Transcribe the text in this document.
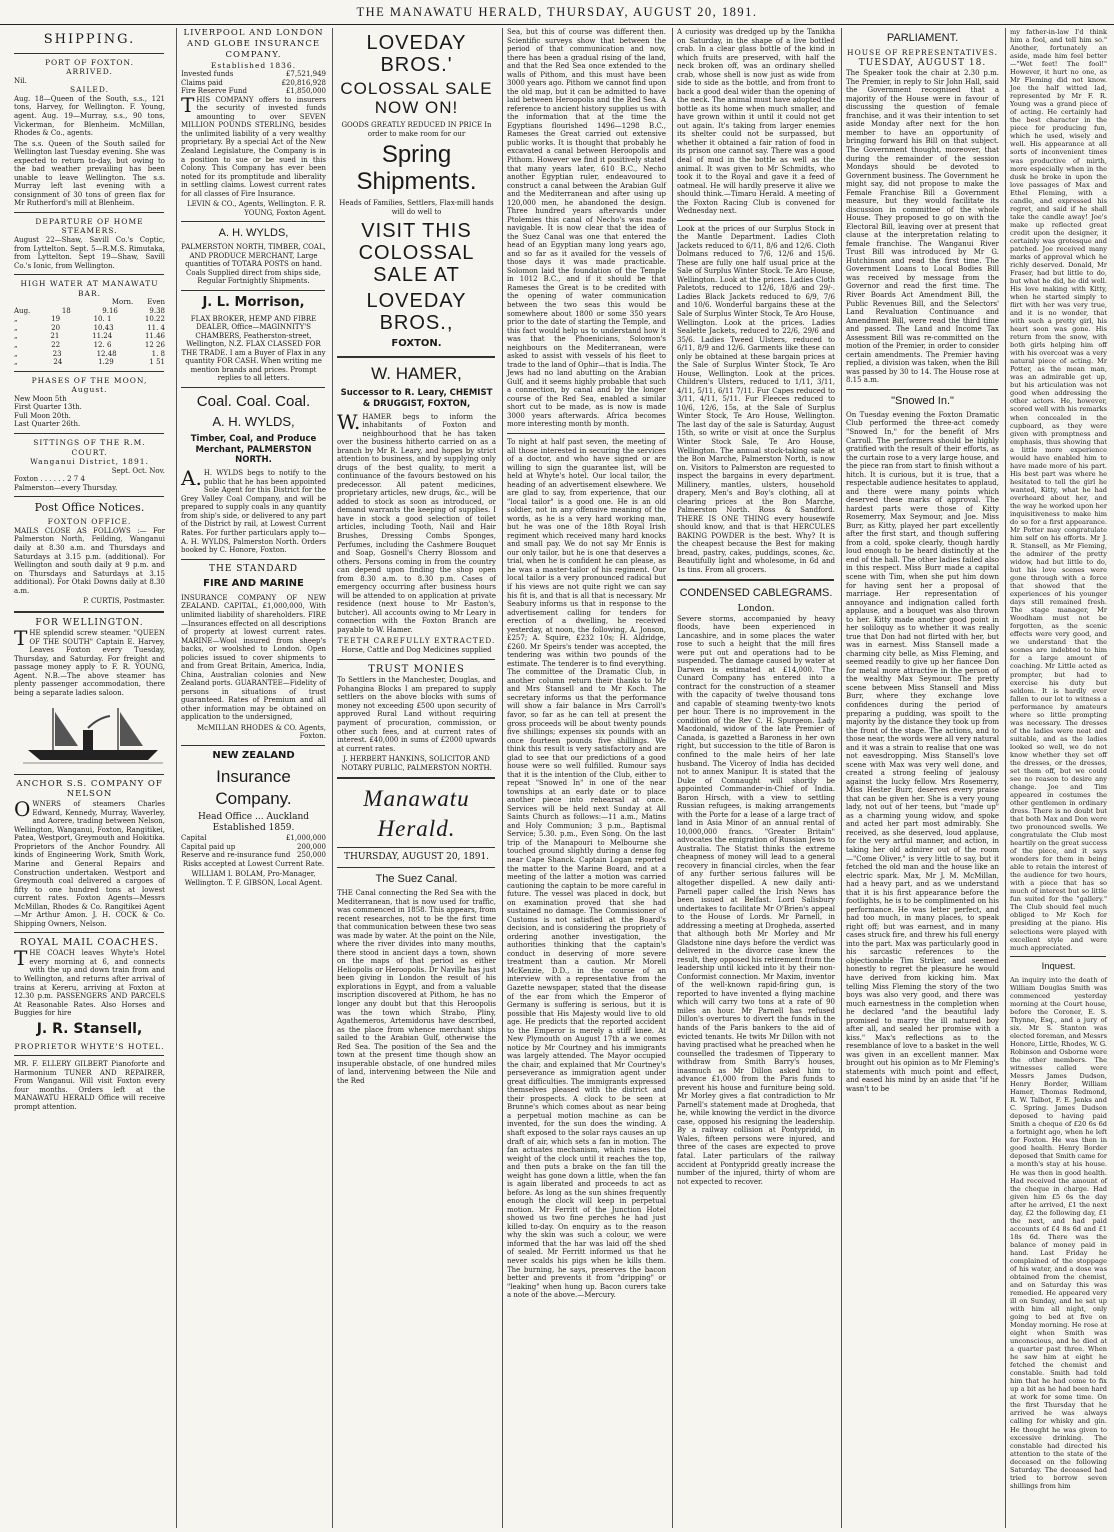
THE MANAWATU HERALD, THURSDAY, AUGUST 20, 1891.
SHIPPING.
PORT OF FOXTON.
ARRIVED.
Nil.
SAILED.

Aug. 18—Queen of the South, s.s., 121 tons, Harvey, for Wellington. F. Young, agent. Aug. 19—Murray, s.s., 90 tons, Vickerman, for Blenheim. McMillan, Rhodes & Co., agents.

The s.s. Queen of the South sailed for Wellington last Tuesday evening. She was expected to return to-day, but owing to the bad weather prevailing has been unable to leave Wellington. The s.s. Murray left last evening with a consignment of 30 tons of green flax for Mr Rutherford's mill at Blenheim.

DEPARTURE OF HOME STEAMERS.

August 22—Shaw, Savill Co.'s Coptic, from Lyttelton. Sept. 5—R.M.S. Rimutaka, from Lyttelton. Sept 19—Shaw, Savill Co.'s Ionic, from Wellington.

HIGH WATER AT MANAWATU BAR.
Morn. Even
Aug.	18	9.16	9.38
„	19	10. 1	10.22
„	20	10.43	11. 4
„	21	11.24	11.46
„	22	12. 6	12 26
„	23	12.48	1. 8
„	24	1.29	1 51
PHASES OF THE MOON,
August.

New Moon 5th
First Quarter 13th.
Full Moon 20th.
Last Quarter 26th.

SITTINGS OF THE R.M. COURT.
Wanganui District, 1891.
Sept. Oct. Nov.
Foxton . . . . . . 2 7 4
Palmerston—every Thursday.
Post Office Notices.
FOXTON OFFICE.

MAILS CLOSE AS FOLLOWS :— For Palmerston North, Feilding, Wanganui daily at 8.30 a.m. and Thursdays and Saturdays at 3.15 p.m. (additional). For Wellington and south daily at 9 p.m. and on Thursdays and Saturdays at 3.15 additional). For Otaki Downs daily at 8.30 a.m.

P. CURTIS, Postmaster.
FOR WELLINGTON.

THE splendid screw steamer. "QUEEN OF THE SOUTH" Captain E. Harvey, Leaves Foxton every Tuesday, Thursday, and Saturday. For freight and passage money apply to F. R. YOUNG, Agent. N.B.—The above steamer has plenty passenger accommodation, there being a separate ladies saloon.

ANCHOR S.S. COMPANY OF NELSON

OWNERS of steamers Charles Edward, Kennedy, Murray, Waverley, and Aorere, trading between Nelson, Wellington, Wanganui, Foxton, Rangitikei, Patea, Westport, Greymouth and Hokitika. Proprietors of the Anchor Foundry. All kinds of Engineering Work, Smith Work, Marine and General Repairs and Construction undertaken. Westport and Greymouth coal delivered a cargoes of fifty to one hundred tons at lowest current rates. Foxton Agents—Messrs McMillan, Rhodes & Co. Rangitikei Agent—Mr Arthur Amon. J. H. COCK & Co. Shipping Owners, Nelson.

ROYAL MAIL COACHES.

THE COACH leaves Whyte's Hotel every morning at 6, and connects with the up and down train from and to Wellington, and returns after arrival of trains at Kereru, arriving at Foxton at 12.30 p.m. PASSENGERS AND PARCELS At Reasonable Rates. Also Horses and Buggies for hire

J. R. Stansell,
PROPRIETOR WHYTE'S HOTEL.

MR. F. ELLERY GILBERT Pianoforte and Harmonium TUNER AND REPAIRER, From Wanganui. Will visit Foxton every four months. Orders left at the MANAWATU HERALD Office will receive prompt attention.

LIVERPOOL AND LONDON AND GLOBE INSURANCE COMPANY.
Established 1836.
Invested funds	£7,521,949
Claims paid	£20,816,928
Fire Reserve Fund	£1,850,000

THIS COMPANY offers to insurers the security of invested funds amounting to over SEVEN MILLION POUNDS STERLING, besides the unlimited liability of a very wealthy proprietary. By a special Act of the New Zealand Legislature, the Company is in a position to sue or be sued in this Colony. This Company has ever been noted for its promptitude and liberality in settling claims. Lowest current rates for all classes of Fire Insurance.

LEVIN & CO., Agents, Wellington. F. R. YOUNG, Foxton Agent.
A. H. WYLDS,

PALMERSTON NORTH, TIMBER, COAL, AND PRODUCE MERCHANT, Large quantities of TOTARA POSTS on hand. Coals Supplied direct from ships side, Regular Fortnightly Shipments.

J. L. Morrison,

FLAX BROKER, HEMP AND FIBRE DEALER, Office—MAGINNITY'S CHAMBERS, Featherston-street, Wellington, N.Z. FLAX CLASSED FOR THE TRADE. I am a Buyer of Flax in any quantity FOR CASH. When writing me mention brands and prices. Prompt replies to all letters.

Coal. Coal. Coal.
A. H. WYLDS,
Timber, Coal, and Produce Merchant, PALMERSTON NORTH.

A.H. WYLDS begs to notify to the public that he has been appointed Sole Agent for this District for the Grey Valley Coal Company, and will be prepared to supply coals in any quantity from ship's side, or delivered to any part of the District by rail, at Lowest Current Rates. For further particulars apply to— A. H. WYLDS, Palmerston North. Orders booked by C. Honore, Foxton.

THE STANDARD
FIRE AND MARINE

INSURANCE COMPANY OF NEW ZEALAND. CAPITAL, £1,000,000, With unlimited liability of shareholders. FIRE—Insurances effected on all descriptions of property at lowest current rates. MARINE—Wool insured from sheep's backs, or woolshed to London. Open policies issued to cover shipments to and from Great Britain, America, India, China, Australian colonies and New Zealand ports. GUARANTEE—Fidelity of persons in situations of trust guaranteed. Rates of Premium and all other information may be obtained on application to the undersigned,

McMILLAN RHODES & CO. Agents, Foxton.
NEW ZEALAND
Insurance Company.
Head Office ... Auckland Established 1859.
Capital	£1,000,000
Capital paid up	200,000
Reserve and re-insurance fund 250,000

Risks accepted at Lowest Current Rate.

WILLIAM I. BOLAM, Pro-Manager, Wellington. T. F. GIBSON, Local Agent.
LOVEDAY BROS.'
COLOSSAL SALE NOW ON!

GOODS GREATLY REDUCED IN PRICE In order to make room for our

Spring Shipments.

Heads of Families, Settlers, Flax-mill hands will do well to

VISIT THIS COLOSSAL SALE AT
LOVEDAY BROS.,
FOXTON.
W. HAMER,
Successor to R. Leary, CHEMIST & DRUGGIST, FOXTON,

W.HAMER begs to inform the inhabitants of Foxton and neighbourhood that he has taken over the business hitherto carried on as a branch by Mr R. Leary, and hopes by strict attention to business, and by supplying only drugs of the best quality, to merit a continuance of the favours bestowed on his predecessor. All patent medicines, proprietary articles, new drugs, &c., will be added to stock as soon as introduced, or demand warrants the keeping of supplies. I have in stock a good selection of toilet articles, including Tooth, Nail and Hair Brushes, Dressing Combs Sponges, Perfumes, including the Cashmere Bouquet and Soap, Gosnell's Cherry Blossom and others. Persons coming in from the country can depend upon finding the shop open from 8.30 a.m. to 8.30 p.m. Cases of emergency occurring after business hours will be attended to on application at private residence (next house to Mr Easton's, butcher). All accounts owing to Mr Leary in connection with the Foxton Branch are payable to W. Hamer.

TEETH CAREFULLY EXTRACTED.
Horse, Cattle and Dog Medicines supplied
TRUST MONIES

To Settlers in the Manchester, Douglas, and Pohangina Blocks I am prepared to supply settlers on the above blocks with sums of money not exceeding £500 upon security of approved Rural Land without requiring payment of procuration, commission, or other such fees, and at current rates of interest. £40,000 in sums of £2000 upwards at current rates.

J. HERBERT HANKINS, SOLICITOR AND NOTARY PUBLIC, PALMERSTON NORTH.
Manawatu Herald.
THURSDAY, AUGUST 20, 1891.
The Suez Canal.

THE Canal connecting the Red Sea with the Mediterranean, that is now used for traffic, was commenced in 1858. This appears, from recent researches, not to be the first time that communication between these two seas was made by water. At the point on the Nile, where the river divides into many mouths, there stood in ancient days a town, shown on the maps of that period as either Heliopolis or Heroopolis. Dr Naville has just been giving in London the result of his explorations in Egypt, and from a valuable inscription discovered at Pithom, he has no longer any doubt but that this Heroopolis was the town which Strabo, Pliny, Agathemeros, Artemidorus have described, as the place from whence merchant ships sailed to the Arabian Gulf, otherwise the Red Sea. The position of the Sea and the town at the present time though show an insuperable obstacle, of one hundred miles of land, intervening between the Nile and the Red

Sea, but this of course was different then. Scientific surveys show that between the period of that communication and now, there has been a gradual rising of the land, and that the Red Sea once extended to the walls of Pithom, and this must have been 3000 years ago. Pithom we cannot find upon the old map, but it can be admitted to have laid between Heroopolis and the Red Sea. A reference to ancient history supplies us with the information that at the time the Egyptians flourished 1496—1298 B.C., Rameses the Great carried out extensive public works. It is thought that probably he excavated a canal between Heroopolis and Pithom. However we find it positively stated that many years later, 610 B.C., Necho another Egyptian ruler, endeavoured to construct a canal between the Arabian Gulf and the Mediterranean and after using up 120,000 men, he abandoned the design. Three hundred years afterwards under Ptolemies this canal of Necho's was made navigable. It is now clear that the idea of the Suez Canal was one that entered the head of an Egyptian many long years ago, and so far as it availed for the vessels of those days it was made practicable. Solomon laid the foundation of the Temple in 1012 B.C., and if it should be that Rameses the Great is to be credited with the opening of water communication between the two seas this would be somewhere about 1800 or some 350 years prior to the date of starting the Temple, and this fact would help us to understand how it was that the Phoenicians, Solomon's neighbours on the Mediterranean, were asked to assist with vessels of his fleet to trade to the land of Ophir—that is India. The Jews had no land abutting on the Arabian Gulf, and it seems highly probable that such a connection, by canal and by the longer course of the Red Sea, enabled a similar short cut to be made, as is now is made 3000 years afterwards. Africa becomes more interesting month by month.

To night at half past seven, the meeting of all those interested in securing the services of a doctor, and who have signed or are willing to sign the guarantee list, will be held at Whyte's hotel. Our local tailor, the heading of an advertisement elsewhere. We are glad to say, from experience, that our "local tailor" is a good one. He is an old soldier, not in any offensive meaning of the words, as he is a very hard working man, but he was one of the 18th Royal Irish regiment which received many hard knocks and small pay. We do not say Mr Ennis is our only tailor, but he is one that deserves a trial, when he is confident he can please, as he was a master-tailor of his regiment. Our local tailor is a very pronounced radical but if his views are not quite right we can say his fit is, and that is all that is necessary. Mr Seabury informs us that in response to the advertisement calling for tenders for erection of a dwelling, he received yesterday, at noon, the following, A. Jonson, £257; A. Squire, £232 10s; H. Aldridge, £260. Mr Speirs's tender was accepted, the tendering was within two pounds of the estimate. The tenderer is to find everything. The committee of the Dramatic Club, in another column return their thanks to Mr and Mrs Stansell and to Mr Koch. The secretary informs us that the performance will show a fair balance in Mrs Carroll's favor, so far as he can tell at present the gross proceeds will be about twenty pounds five shillings; expenses six pounds with an once fourteen pounds five shillings. We think this result is very satisfactory and are glad to see that our predictions of a good house were so well fulfilled. Rumour says that it is the intention of the Club, either to repeat "Snowed In" in one of the near townships at an early date or to place another piece into rehearsal at once. Services will be held next Sunday at All Saints Church as follows:—11 a.m., Matins and Holy Communion; 3 p.m., Baptismal Service; 5.30. p.m., Even Song. On the last trip of the Manapouri to Melbourne she touched ground slightly during a dense fog near Cape Shanck. Captain Logan reported the matter to the Marine Board, and at a meeting of the latter a motion was carried cautioning the captain to be more careful in future. The vessel was placed in dock, but on examination proved that she had sustained no damage. The Commissioner of Customs is not satisfied at the Board's decision, and is considering the propriety of ordering another investigation, the authorities thinking that the captain's conduct in deserving of more severe treatment than a caution. Mr Morell McKenzie, D.D., in the course of an interview with a representative from the Gazette newspaper, stated that the disease of the ear from which the Emperor of Germany is suffering is serious, but it is possible that His Majesty would live to old age. He predicts that the reported accident to the Emperor is merely a stiff knee. At New Plymouth on August 17th a we comes notice by Mr Courtney and his immigrants was largely attended. The Mayor occupied the chair, and explained that Mr Courtney's perseverance as immigration agent under great difficulties. The immigrants expressed themselves pleased with the district and their prospects. A clock to be seen at Brunne's which comes about as near being a perpetual motion machine as can be invented, for the sun does the winding. A shaft exposed to the solar rays causes an up draft of air, which sets a fan in motion. The fan actuates mechanism, which raises the weight of the clock until it reaches the top, and then puts a brake on the fan till the weight has gone down a little, when the fan is again liberated and proceeds to act as before. As long as the sun shines frequently enough the clock will keep in perpetual motion. Mr Ferritt of the Junction Hotel showed us two fine perches he had just killed to-day. On enquiry as to the reason why the skin was such a colour, we were informed that the har was laid off the shed of sealed. Mr Ferritt informed us that he never scalds his pigs when he kills them. The burning, he says, preserves the bacon better and prevents it from "dripping" or "leaking" when hung up. Bacon curers take a note of the above.—Mercury.

A curiosity was dredged up by the Tanikha on Saturday, in the shape of a live bottled crab. In a clear glass bottle of the kind in which fruits are preserved, with half the neck broken off, was an ordinary shelled crab, whose shell is now just as wide from side to side as the bottle, and from front to back a good deal wider than the opening of the neck. The animal must have adopted the bottle as its home when much smaller, and have grown within it until it could not get out again. It's taking from larger enemies its shelter could not be surpassed, but whether it obtained a fair ration of food in its prison one cannot say. There was a good deal of mud in the bottle as well as the animal. It was given to Mr Schmidts, who took it to the Royal and gave it a feed of oatmeal. He will hardly preserve it alive we should think.—Timaru Herald. A meeting of the Foxton Racing Club is convened for Wednesday next.

Look at the prices of our Surplus Stock in the Mantle Department. Ladies Cloth Jackets reduced to 6/11, 8/6 and 12/6. Cloth Dolmans reduced to 7/6, 12/6 and 15/6. These are fully one half usual price at the Sale of Surplus Winter Stock. Te Aro House, Wellington. Look at the prices. Ladies Cloth Paletots, reduced to 12/6, 18/6 and 29/-. Ladies Black Jackets reduced to 6/9, 7/6 and 10/6. Wonderful bargains these at the Sale of Surplus Winter Stock, Te Aro House, Wellington. Look at the prices. Ladies Sealette Jackets, reduced to 22/6, 29/6 and 35/6. Ladies Tweed Ulsters, reduced to 6/11, 8/9 and 12/6. Garments like these can only be obtained at these bargain prices at the Sale of Surplus Winter Stock, Te Aro House, Wellington. Look at the prices. Children's Ulsters, reduced to 1/11, 3/11, 4/11, 5/11, 6/11 7/11. Fur Capes reduced to 3/11, 4/11, 5/11. Fur Fleeces reduced to 10/6, 12/6, 15s, at the Sale of Surplus Winter Stock, Te Aro House, Wellington. The last day of the sale is Saturday, August 15th, so write or visit at once the Surplus Winter Stock Sale, Te Aro House, Wellington. The annual stock-taking sale at the Bon Marche, Palmerston North, is now on. Visitors to Palmerston are requested to inspect the bargains in every department. Millinery, mantles, ulsters, household drapery, Men's and Boy's clothing, all at clearing prices at the Bon Marche, Palmerston North. Ross & Sandford. THERE IS ONE THING every housewife should know, and that is that HERCULES BAKING POWDER is the best. Why? It is the cheapest because the Best for making bread, pastry, cakes, puddings, scones, &c. Beautifully light and wholesome, in 6d and 1s tins. From all grocers.

CONDENSED CABLEGRAMS.
London.

Severe storms, accompanied by heavy floods, have been experienced in Lancashire, and in some places the water rose to such a height that the mill fires were put out and operations had to be suspended. The damage caused by water at Darwen is estimated at £14,000. The Cunard Company has entered into a contract for the construction of a steamer with the capacity of twelve thousand tons and capable of steaming twenty-two knots per hour. There is no improvement in the condition of the Rev C. H. Spurgeon. Lady Macdonald, widow of the late Premier of Canada, is gazetted a Baroness in her own right, but succession to the title of Baron is confined to the male heirs of her late husband. The Viceroy of India has decided not to annex Manipur. It is stated that the Duke of Connaught will shortly be appointed Commander-in-Chief of India. Baron Hirsch, with a view to settling Russian refugees, is making arrangements with the Porte for a lease of a large tract of land in Asia Minor of an annual rental of 10,000,000 francs. "Greater Britain" advocates the emigration of Russian Jews to Australia. The Statist thinks the extreme cheapness of money will lead to a general recovery in financial circles, when the fear of any further serious failures will be altogether dispelled. A new daily anti-Parnell paper called the Irish News has been issued at Belfast. Lord Salisbury undertakes to facilitate Mr O'Brien's appeal to the House of Lords. Mr Parnell, in addressing a meeting at Drogheda, asserted that although both Mr Morley and Mr Gladstone nine days before the verdict was delivered in the divorce case knew the result, they opposed his retirement from the leadership until kicked into it by their non-Conformist connection. Mr Maxim, inventor of the well-known rapid-firing gun, is reported to have invented a flying machine which will carry two tons at a rate of 90 miles an hour. Mr Parnell has refused Dillon's overtures to divert the funds in the hands of the Paris bankers to the aid of evicted tenants. He twits Mr Dillon with not having practised what he preached when he counselled the tradesmen of Tipperary to withdraw from Smith Barry's houses, inasmuch as Mr Dillon asked him to advance £1,000 from the Paris funds to prevent his house and furniture being sold. Mr Morley gives a flat contradiction to Mr Parnell's statement made at Drogheda, that he, while knowing the verdict in the divorce case, opposed his resigning the leadership. By a railway collision at Pontypridd, in Wales, fifteen persons were injured, and three of the cases are expected to prove fatal. Later particulars of the railway accident at Pontypridd greatly increase the number of the injured, thirty of whom are not expected to recover.

PARLIAMENT.
HOUSE OF REPRESENTATIVES.
TUESDAY, AUGUST 18.

The Speaker took the chair at 2.30 p.m. The Premier, in reply to Sir John Hall, said the Government recognised that a majority of the House were in favour of discussing the question of female franchise, and it was their intention to set aside Monday after next for the hon member to have an opportunity of bringing forward his Bill on that subject. The Government thought, moreover, that during the remainder of the session Mondays should be devoted to Government business. The Government he might say, did not propose to make the Female Franchise Bill a Government measure, but they would facilitate its discussion in committee of the whole House. They proposed to go on with the Electoral Bill, leaving over at present that clause at the interpretation relating to female franchise. The Wanganui River Trust Bill was introduced by Mr G. Hutchinson and read the first time. The Government Loans to Local Bodies Bill was received by message from the Governor and read the first time. The River Boards Act Amendment Bill, the Public Revenues Bill, and the Selectors' Land Revaluation Continuance and Amendment Bill, were read the third time and passed. The Land and Income Tax Assessment Bill was re-committed on the motion of the Premier, in order to consider certain amendments. The Premier having replied, a division was taken, when the Bill was passed by 30 to 14. The House rose at 8.15 a.m.

"Snowed In."

On Tuesday evening the Foxton Dramatic Club performed the three-act comedy "Snowed In," for the benefit of Mrs Carroll. The performers should be highly gratified with the result of their efforts, as the curtain rose to a very large house, and the piece ran from start to finish without a hitch. It is curious, but it is true, that a respectable audience hesitates to applaud, and there were many points which deserved these marks of approval. The hardest parts were those of Kitty Rosemerry, Max Seymour, and Joe. Miss Burr, as Kitty, played her part excellently after the first start, and though suffering from a cold, spoke clearly, though hardly loud enough to be heard distinctly at the end of the hall. The other ladies failed also in this respect. Miss Burr made a capital scene with Tim, when she put him down for having sent her a proposal of marriage. Her representation of annoyance and indignation called forth applause, and a bouquet was also thrown to her. Kitty made another good point in her soliloquy as to whether it was really true that Don had not flirted with her, but was in earnest. Miss Stansell made a charming city belle, as Miss Fleming, and seemed readily to give up her fiancee Don for metal more attractive in the person of the wealthy Max Seymour. The pretty scene between Miss Stansell and Miss Burr, where they exchange love confidences during the period of preparing a pudding, was spoilt to the majority by the distance they took up from the front of the stage. The actions, and to those near, the words were all very natural and it was a strain to realise that one was not eavesdropping. Miss Stansell's love scene with Max was very well done, and created a strong feeling of jealousy against the lucky fellow. Mrs Rosemerry, Miss Hester Burr, deserves every praise that can be given her. She is a very young lady, not out of her teens, but "made up" as a charming young widow, and spoke and acted her part most admirably. She received, as she deserved, loud applause, for the very artful manner, and action, in taking her old admirer out of the room—"Come Oliver," is very little to say, but it fetched the old man and the house like an electric spark. Max, Mr J. M. McMillan, had a heavy part, and as we understand that it is his first appearance before the footlights, he is to be complimented on his performance. He was letter perfect, and had too much, in many places, to speak right off; but was earnest, and in many cases struck fire, and threw his full energy into the part. Max was particularly good in his sarcastic references to the objectionable Tim Striker, and seemed honestly to regret the pleasure he would have derived from kicking him. Max telling Miss Fleming the story of the two boys was also very good, and there was much earnestness in the completion when he declared "and the beautiful lady promised to marry the ill natured boy after all, and sealed her promise with a kiss." Max's reflections as to the resemblance of love to a basket in the well was given in an excellent manner. Max brought out his opinion as to Mr Fleming's statements with much point and effect, and eased his mind by an aside that "if he wasn't to be

my father-in-law I'd think him a fool, and tell him so." Another, fortunately an aside, made him feel better—"Wet feet! The fool!" However, it hurt no one, as Mr Fleming did not know. Joe the half witted lad, represented by Mr F. R. Young was a grand piece of of acting. He certainly had the best character in the piece for producing fun, which he used, wisely and well. His appearance at all sorts of inconvenient times was productive of mirth, more especially when in the dusk he broke in upon the love passages of Max and Ethel Fleming, with a candle, and expressed his regret, and said if he shall take the candle away! Joe's make up reflected great credit upon the designer, it certainly was grotesque and patched. Joe received many marks of approval which he richly deserved. Donald, Mr Fraser, had but little to do, but what he did, he did well. His love making with Kitty, when he started simply to flirt with her was very true, and it is no wonder, that with such a pretty girl, his heart soon was gone. His return from the snow, with both girls helping him off with his overcoat was a very natural piece of acting. Mr Potter, as the mean man, was an admirable get up, but his articulation was not good when addressing the other actors. He, however, scored well with his remarks when concealed in the cupboard, as they were given with promptness and emphasis, thus showing that a little more experience would have enabled him to have made more of his part. His best part was where he hesitated to tell the girl he wanted, Kitty, what he had overheard about her, and the way he worked upon her inquisitiveness to make him do so for a first appearance. Mr Potter may congratulate him self on his efforts. Mr J. R. Stansell, as Mr Fleming, the admirer of the pretty widow, had but little to do, but his love scenes were gone through with a force that showed that the experiences of his younger days still remained fresh. The stage manager, Mr Woodham must not be forgotten, as the scenic effects were very good, and we understand that the scenes are indebted to him for a large amount of coaching. Mr Little acted as prompter, but had to exercise his duty but seldom. It is hardly ever fallen to our lot to witness a performance by amateurs where so little prompting was necessary. The dresses of the ladies were neat and suitable, and as the ladies looked so well, we do not know whether they set off the dresses, or the dresses, set them off, but we could see no reason to desire any change. Joe and Tim appeared in costumes the other gentlemen in ordinary dress. There is no doubt but that both Max and Don were two pronounced swells. We congratulate the Club most heartily on the great success of the piece, and it says wonders for them in being able to retain the interest of the audience for two hours, with a piece that has so much of interest but so little fun suited for the "gallery." The Club should feel much obliged to Mr Koch for presiding at the piano. His selections were played with excellent style and were much appreciated.

Inquest.

An inquiry into the death of William Douglas Smith was commenced yesterday morning at the Court house, before the Coroner, E. S. Thynne, Esq., and a jury of six. Mr S. Stanton was elected foreman, and Messrs Honore, Little, Rhodes, W. G. Robinson and Osborne were the other members. The witnesses called were Messrs James Dudson, Henry Border, William Hamer, Thomas Redmond, R. W. Talbot, F. E. Jenks and C. Spring. James Dudson deposed to having paid Smith a cheque of £20 6s 6d a fortnight ago, when he left for Foxton. He was then in good health. Henry Border deposed that Smith came for a month's stay at his house. He was then in good health. Had received the amount of the cheque in charge. Had given him £5 6s the day after he arrived, £1 the next day, £2 the following day, £1 the next, and had paid accounts of £4 8s 6d and £1 18s 6d. There was the balance of money paid in hand. Last Friday he complained of the stoppage of his water, and a dose was obtained from the chemist, and on Saturday this was remedied. He appeared very ill on Sunday, and he sat up with him all night, only going to bed at five on Monday morning. He rose at eight when Smith was unconscious, and he died at a quarter past three. When he saw him at eight he fetched the chemist and constable. Smith had told him that he had come to fix up a bit as he had been hard at work for some time. On the first Thursday that he arrived he was always calling for whisky and gin. He thought he was given to excessive drinking. The constable had directed his attention to the state of the deceased on the following Saturday. The deceased had tried to borrow seven shillings from him
